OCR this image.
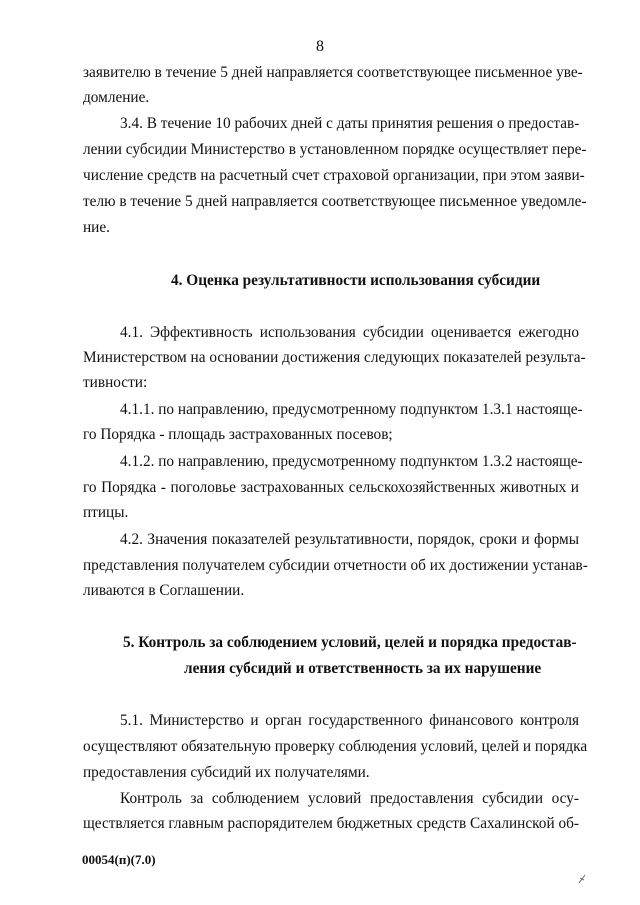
8
заявителю в течение 5 дней направляется соответствующее письменное уве-
домление.
3.4. В течение 10 рабочих дней с даты принятия решения о предостав-
лении субсидии Министерство в установленном порядке осуществляет пере-
числение средств на расчетный счет страховой организации, при этом заяви-
телю в течение 5 дней направляется соответствующее письменное уведомле-
ние.
4. Оценка результативности использования субсидии
4.1. Эффективность использования субсидии оценивается ежегодно
Министерством на основании достижения следующих показателей результа-
тивности:
4.1.1. по направлению, предусмотренному подпунктом 1.3.1 настояще-
го Порядка - площадь застрахованных посевов;
4.1.2. по направлению, предусмотренному подпунктом 1.3.2 настояще-
го Порядка - поголовье застрахованных сельскохозяйственных животных и
птицы.
4.2. Значения показателей результативности, порядок, сроки и формы
представления получателем субсидии отчетности об их достижении устанав-
ливаются в Соглашении.
5. Контроль за соблюдением условий, целей и порядка предостав-
ления субсидий и ответственность за их нарушение
5.1. Министерство и орган государственного финансового контроля
осуществляют обязательную проверку соблюдения условий, целей и порядка
предоставления субсидий их получателями.
Контроль за соблюдением условий предоставления субсидии осу-
ществляется главным распорядителем бюджетных средств Сахалинской об-
00054(п)(7.0)
